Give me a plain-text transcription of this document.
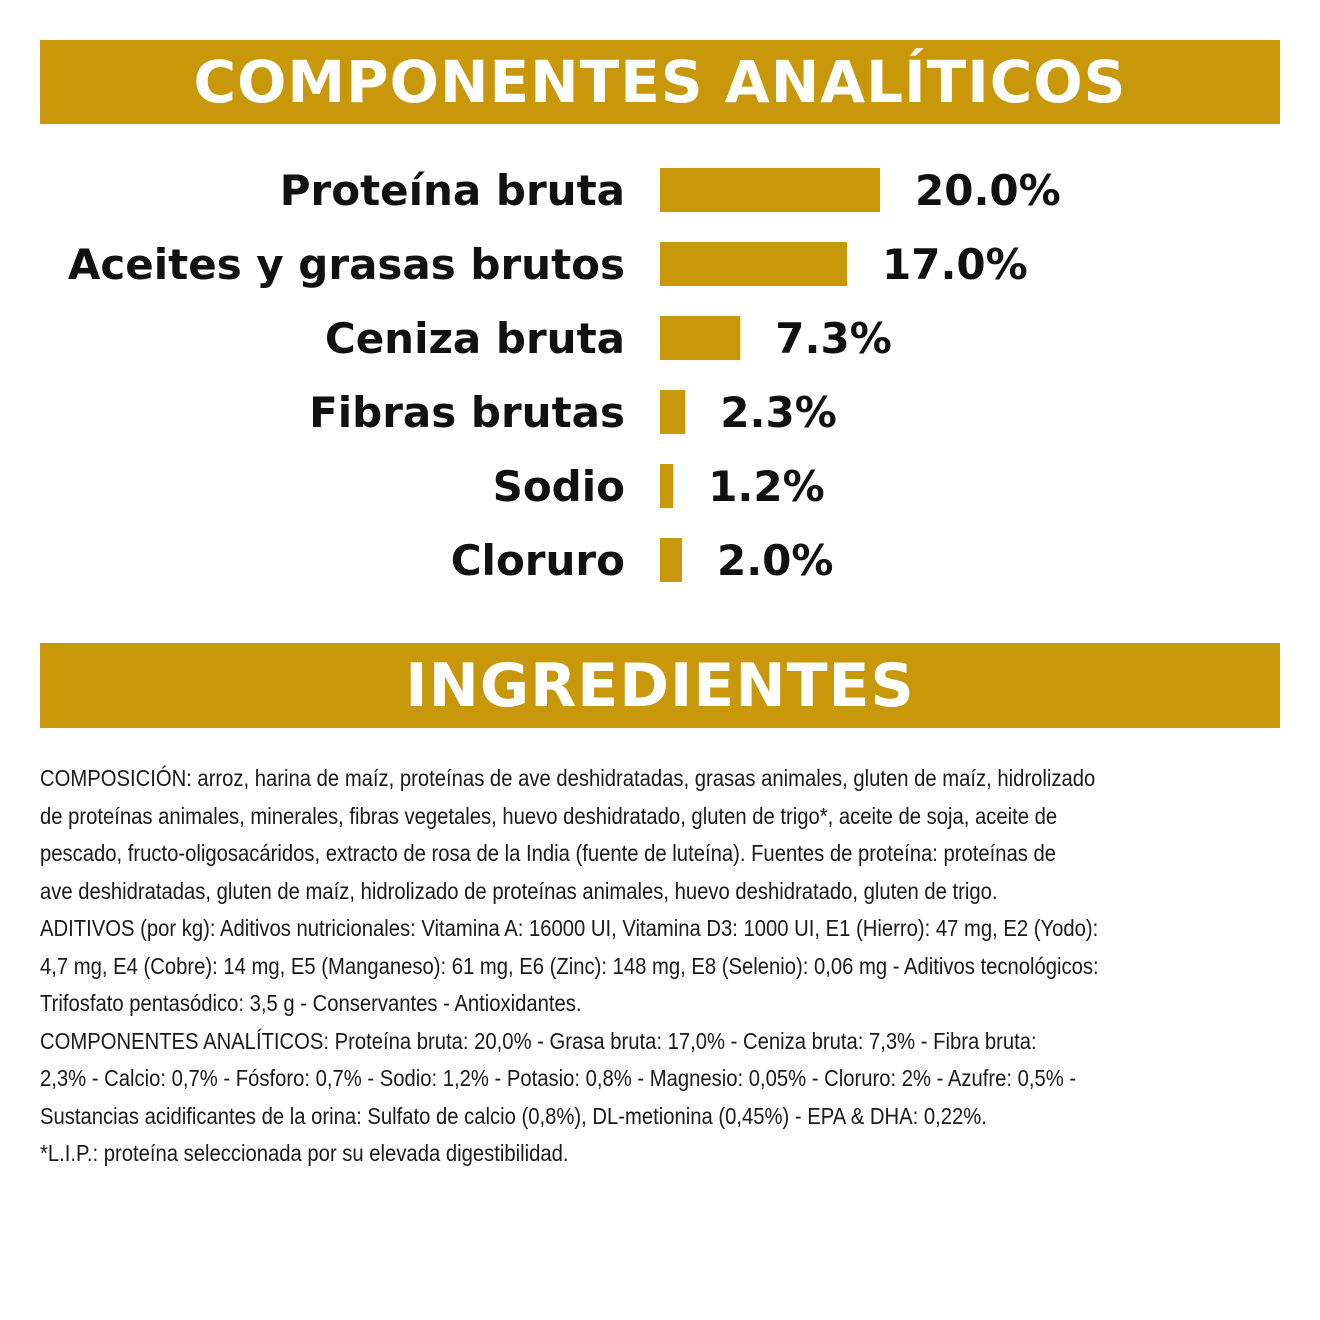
COMPONENTES ANALÍTICOS
Proteína bruta	20.0%
Aceites y grasas brutos	17.0%
Ceniza bruta	7.3%
Fibras brutas 2.3%
Sodio 1.2%
Cloruro 2.0%
INGREDIENTES
COMPOSICIÓN: arroz, harina de maíz, proteínas de ave deshidratadas, grasas animales, gluten de maíz, hidrolizado
de proteínas animales, minerales, fibras vegetales, huevo deshidratado, gluten de trigo*, aceite de soja, aceite de
pescado, fructo-oligosacáridos, extracto de rosa de la India (fuente de luteína). Fuentes de proteína: proteínas de
ave deshidratadas, gluten de maíz, hidrolizado de proteínas animales, huevo deshidratado, gluten de trigo.
ADITIVOS (por kg): Aditivos nutricionales: Vitamina A: 16000 UI, Vitamina D3: 1000 UI, E1 (Hierro): 47 mg, E2 (Yodo):
4,7 mg, E4 (Cobre): 14 mg, E5 (Manganeso): 61 mg, E6 (Zinc): 148 mg, E8 (Selenio): 0,06 mg - Aditivos tecnológicos:
Trifosfato pentasódico: 3,5 g - Conservantes - Antioxidantes.
COMPONENTES ANALÍTICOS: Proteína bruta: 20,0% - Grasa bruta: 17,0% - Ceniza bruta: 7,3% - Fibra bruta:
2,3% - Calcio: 0,7% - Fósforo: 0,7% - Sodio: 1,2% - Potasio: 0,8% - Magnesio: 0,05% - Cloruro: 2% - Azufre: 0,5% -
Sustancias acidificantes de la orina: Sulfato de calcio (0,8%), DL-metionina (0,45%) - EPA & DHA: 0,22%.
*L.I.P.: proteína seleccionada por su elevada digestibilidad.
